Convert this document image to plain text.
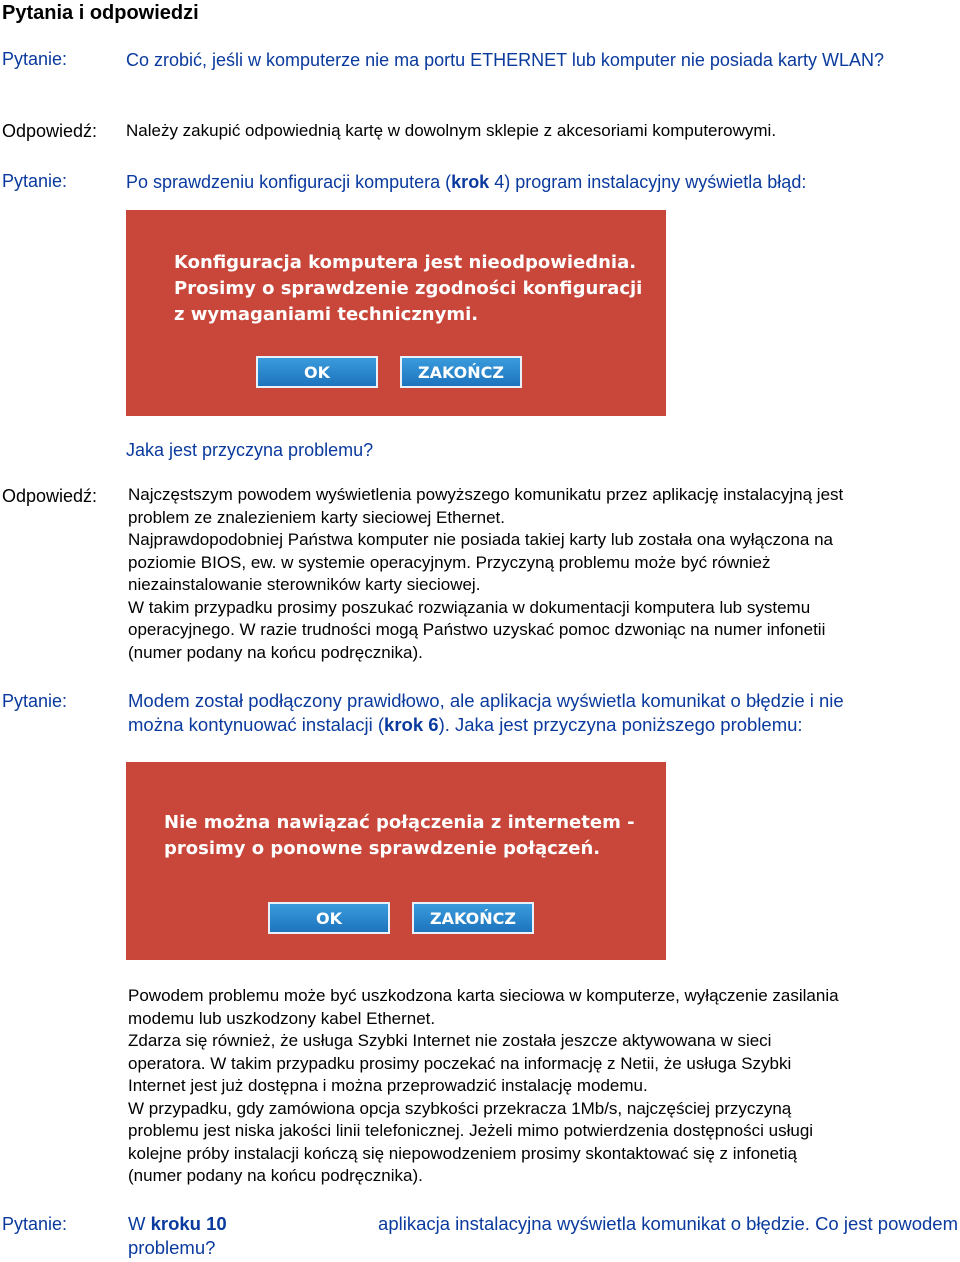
Pytania i odpowiedzi
Pytanie:	Co zrobić, jeśli w komputerze nie ma portu ETHERNET lub komputer nie posiada karty WLAN?
Odpowiedź: Należy zakupić odpowiednią kartę w dowolnym sklepie z akcesoriami komputerowymi.
Pytanie:	Po sprawdzeniu konfiguracji komputera (krok 4) program instalacyjny wyświetla błąd:
Konfiguracja komputera jest nieodpowiednia.
Prosimy o sprawdzenie zgodności konfiguracji
z wymaganiami technicznymi.
OK	ZAKOŃCZ
Jaka jest przyczyna problemu?
Odpowiedź: Najczęstszym powodem wyświetlenia powyższego komunikatu przez aplikację instalacyjną jest
problem ze znalezieniem karty sieciowej Ethernet.
Najprawdopodobniej Państwa komputer nie posiada takiej karty lub została ona wyłączona na
poziomie BIOS, ew. w systemie operacyjnym. Przyczyną problemu może być również
niezainstalowanie sterowników karty sieciowej.
W takim przypadku prosimy poszukać rozwiązania w dokumentacji komputera lub systemu
operacyjnego. W razie trudności mogą Państwo uzyskać pomoc dzwoniąc na numer infonetii
(numer podany na końcu podręcznika).
Pytanie:	Modem został podłączony prawidłowo, ale aplikacja wyświetla komunikat o błędzie i nie
można kontynuować instalacji (krok 6). Jaka jest przyczyna poniższego problemu:
Nie można nawiązać połączenia z internetem -
prosimy o ponowne sprawdzenie połączeń.
OK	ZAKOŃCZ
Powodem problemu może być uszkodzona karta sieciowa w komputerze, wyłączenie zasilania
modemu lub uszkodzony kabel Ethernet.
Zdarza się również, że usługa Szybki Internet nie została jeszcze aktywowana w sieci
operatora. W takim przypadku prosimy poczekać na informację z Netii, że usługa Szybki
Internet jest już dostępna i można przeprowadzić instalację modemu.
W przypadku, gdy zamówiona opcja szybkości przekracza 1Mb/s, najczęściej przyczyną
problemu jest niska jakości linii telefonicznej. Jeżeli mimo potwierdzenia dostępności usługi
kolejne próby instalacji kończą się niepowodzeniem prosimy skontaktować się z infonetią
(numer podany na końcu podręcznika).
Pytanie:	W kroku 10	aplikacja instalacyjna wyświetla komunikat o błędzie. Co jest powodem
problemu?
